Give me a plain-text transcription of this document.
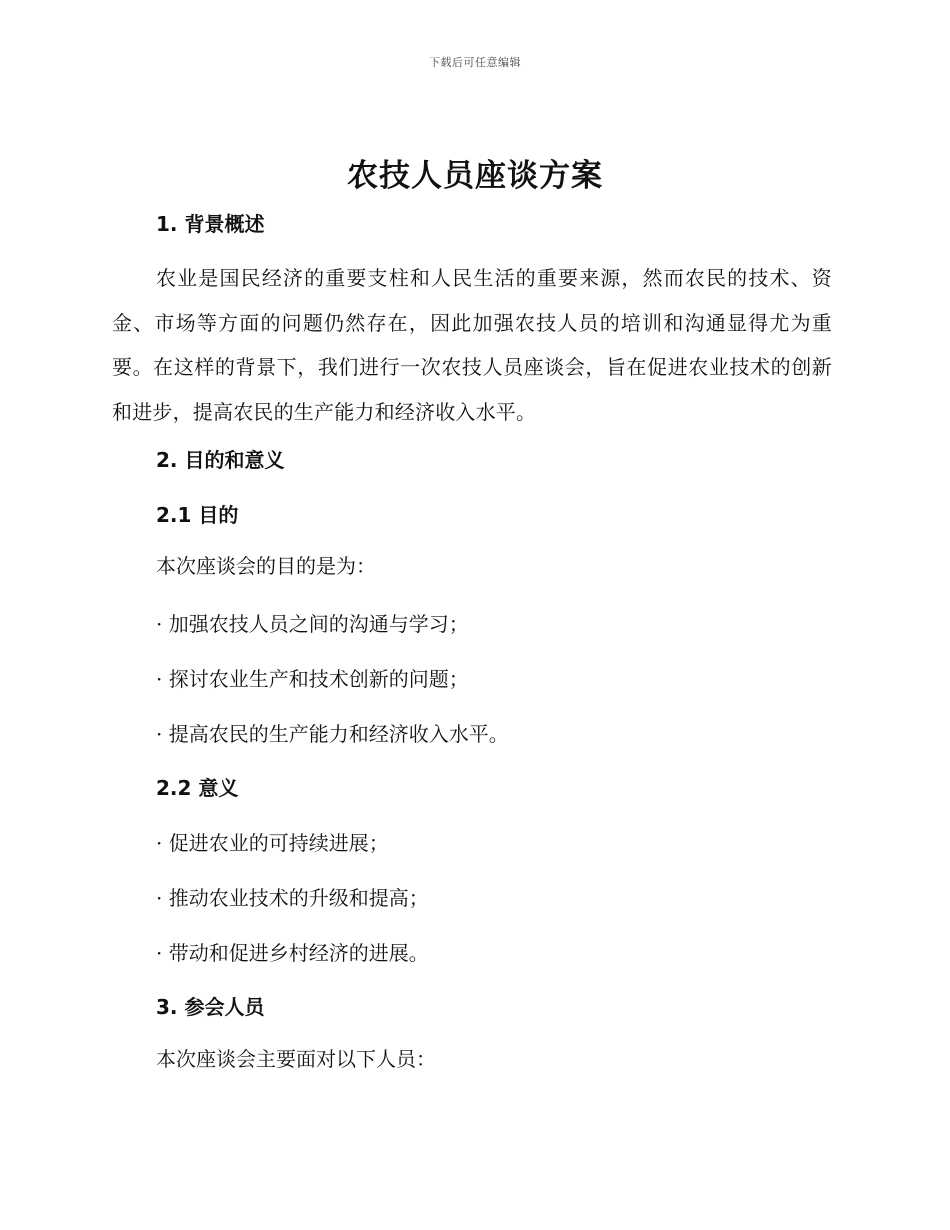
下载后可任意编辑
农技人员座谈方案
1. 背景概述
农业是国民经济的重要支柱和人民生活的重要来源，然而农民的技术、资金、市场等方面的问题仍然存在，因此加强农技人员的培训和沟通显得尤为重要。在这样的背景下，我们进行一次农技人员座谈会，旨在促进农业技术的创新和进步，提高农民的生产能力和经济收入水平。
2. 目的和意义
2.1 目的
本次座谈会的目的是为：
· 加强农技人员之间的沟通与学习；
· 探讨农业生产和技术创新的问题；
· 提高农民的生产能力和经济收入水平。
2.2 意义
· 促进农业的可持续进展；
· 推动农业技术的升级和提高；
· 带动和促进乡村经济的进展。
3. 参会人员
本次座谈会主要面对以下人员：
